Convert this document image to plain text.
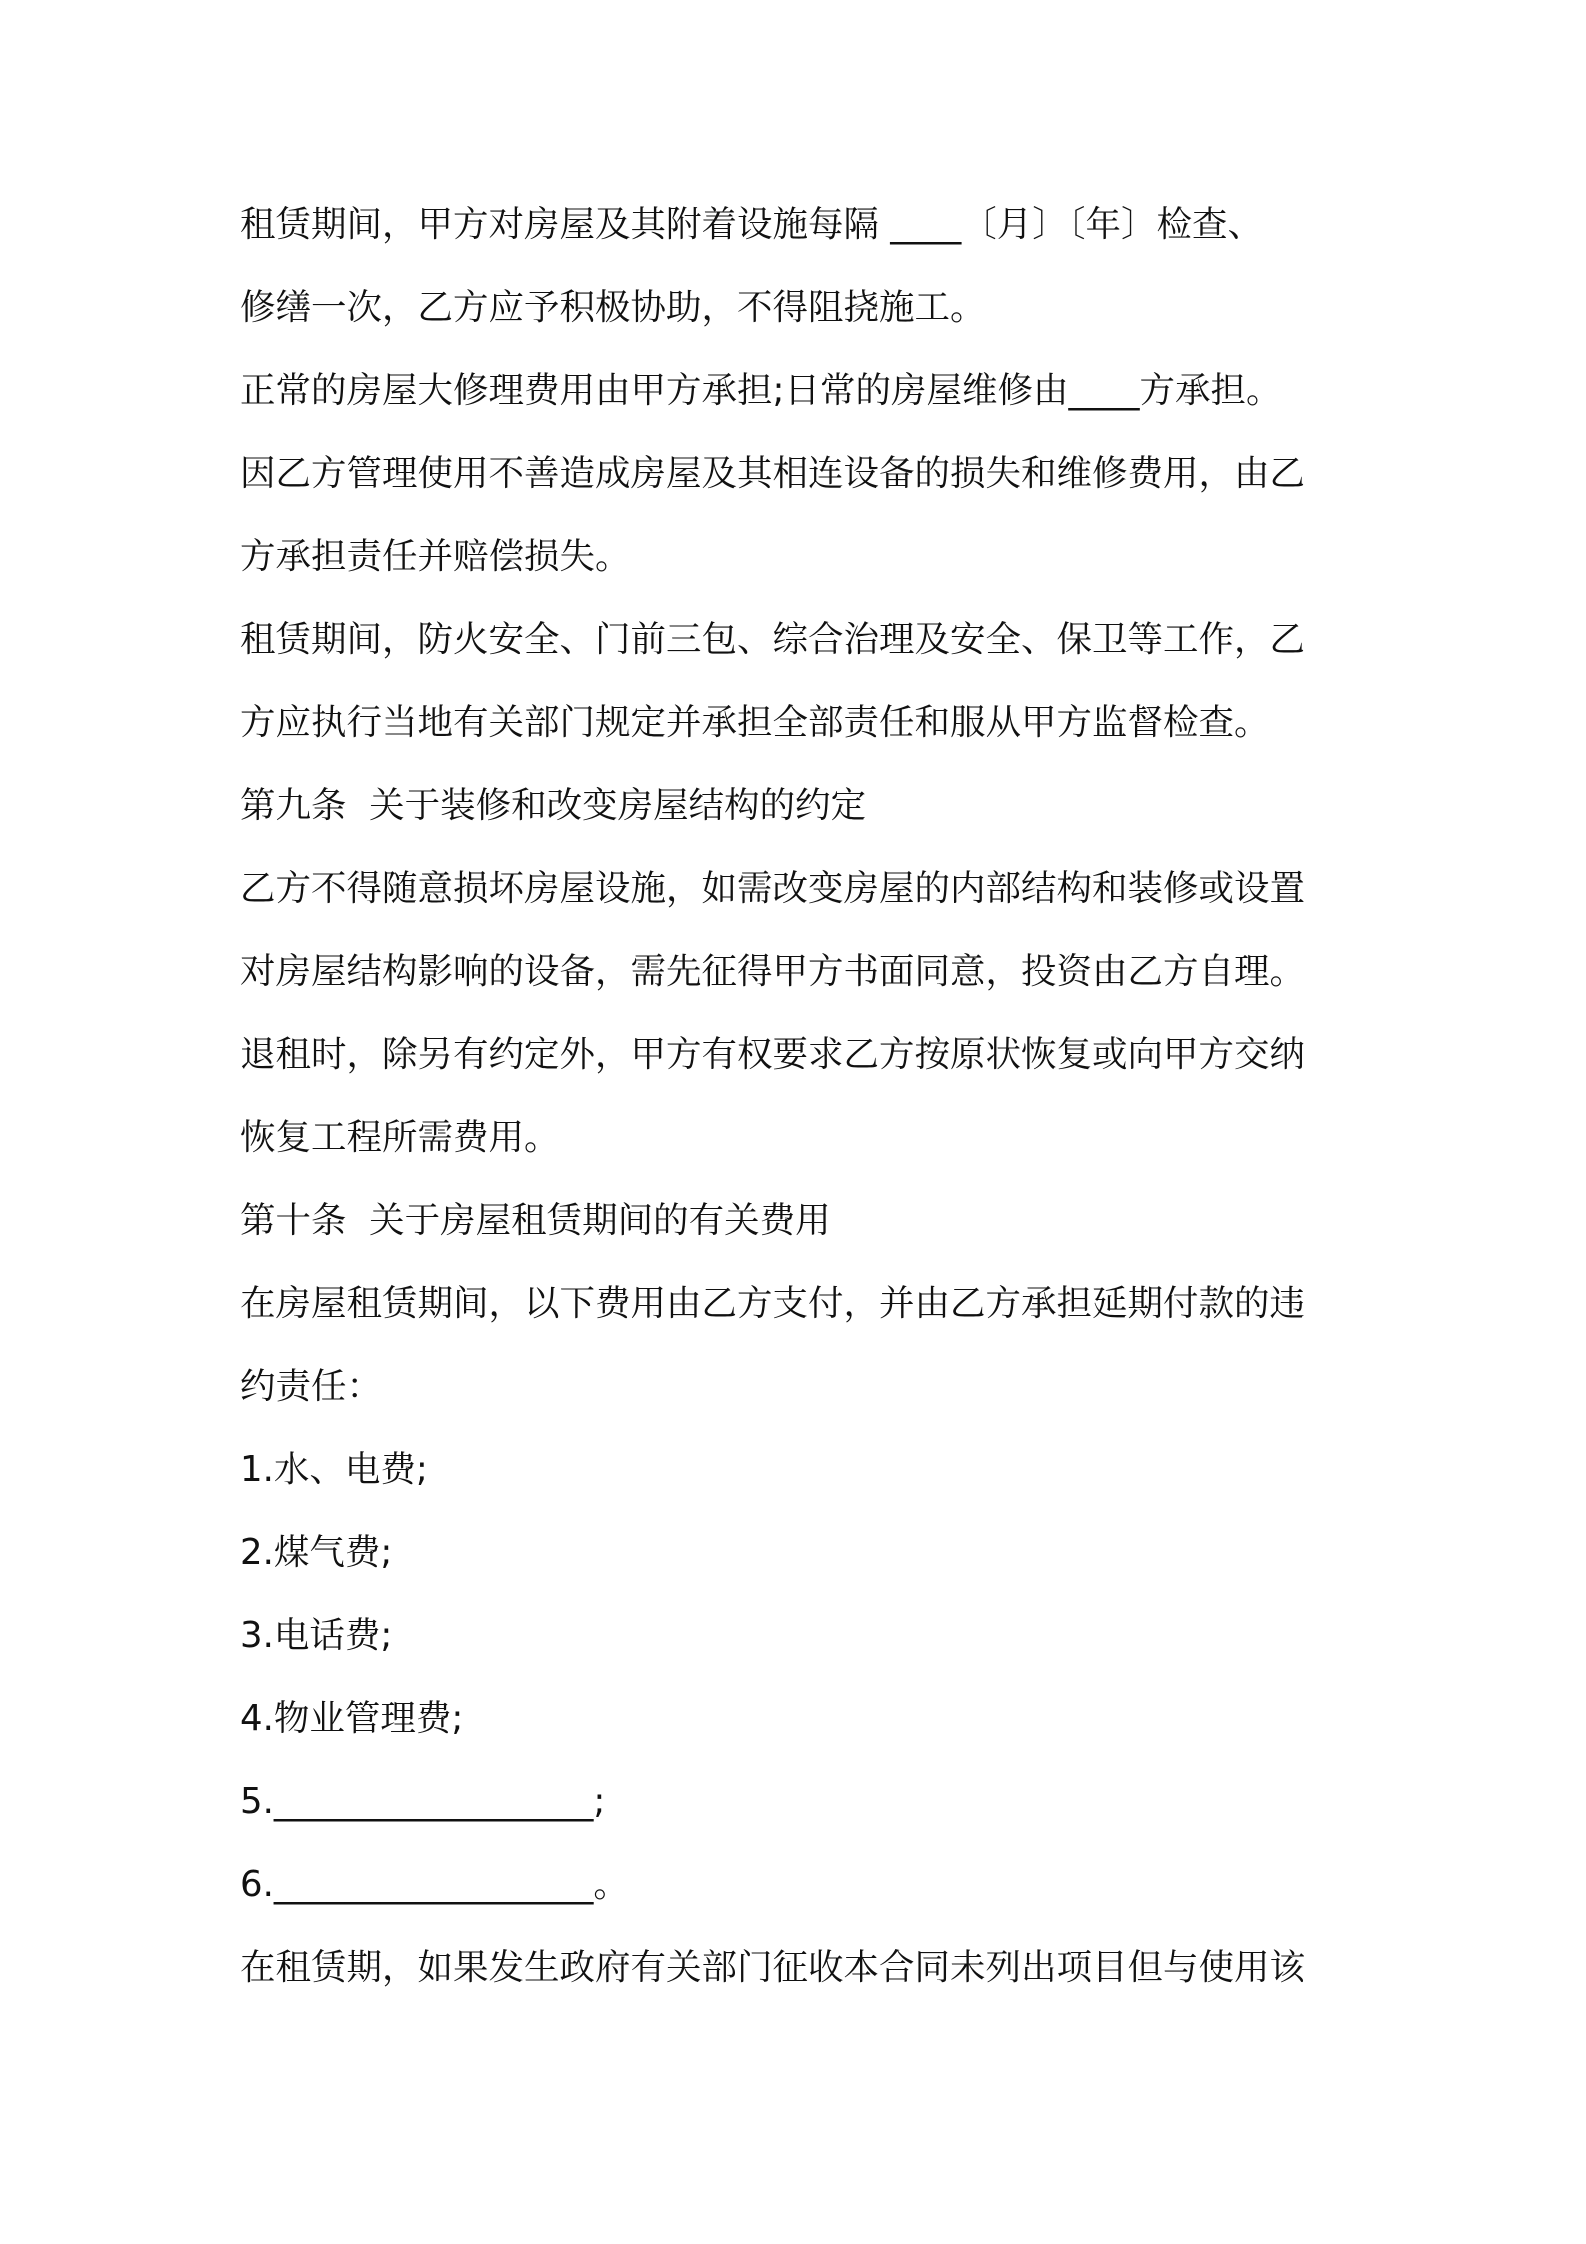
租赁期间，甲方对房屋及其附着设施每隔 ____〔月〕〔年〕检查、
修缮一次，乙方应予积极协助，不得阻挠施工。
正常的房屋大修理费用由甲方承担;日常的房屋维修由____方承担。
因乙方管理使用不善造成房屋及其相连设备的损失和维修费用，由乙
方承担责任并赔偿损失。
租赁期间，防火安全、门前三包、综合治理及安全、保卫等工作，乙
方应执行当地有关部门规定并承担全部责任和服从甲方监督检查。
第九条  关于装修和改变房屋结构的约定
乙方不得随意损坏房屋设施，如需改变房屋的内部结构和装修或设置
对房屋结构影响的设备，需先征得甲方书面同意，投资由乙方自理。
退租时，除另有约定外，甲方有权要求乙方按原状恢复或向甲方交纳
恢复工程所需费用。
第十条  关于房屋租赁期间的有关费用
在房屋租赁期间，以下费用由乙方支付，并由乙方承担延期付款的违
约责任：
1.水、电费;
2.煤气费;
3.电话费;
4.物业管理费;
5.__________________;
6.__________________。
在租赁期，如果发生政府有关部门征收本合同未列出项目但与使用该
